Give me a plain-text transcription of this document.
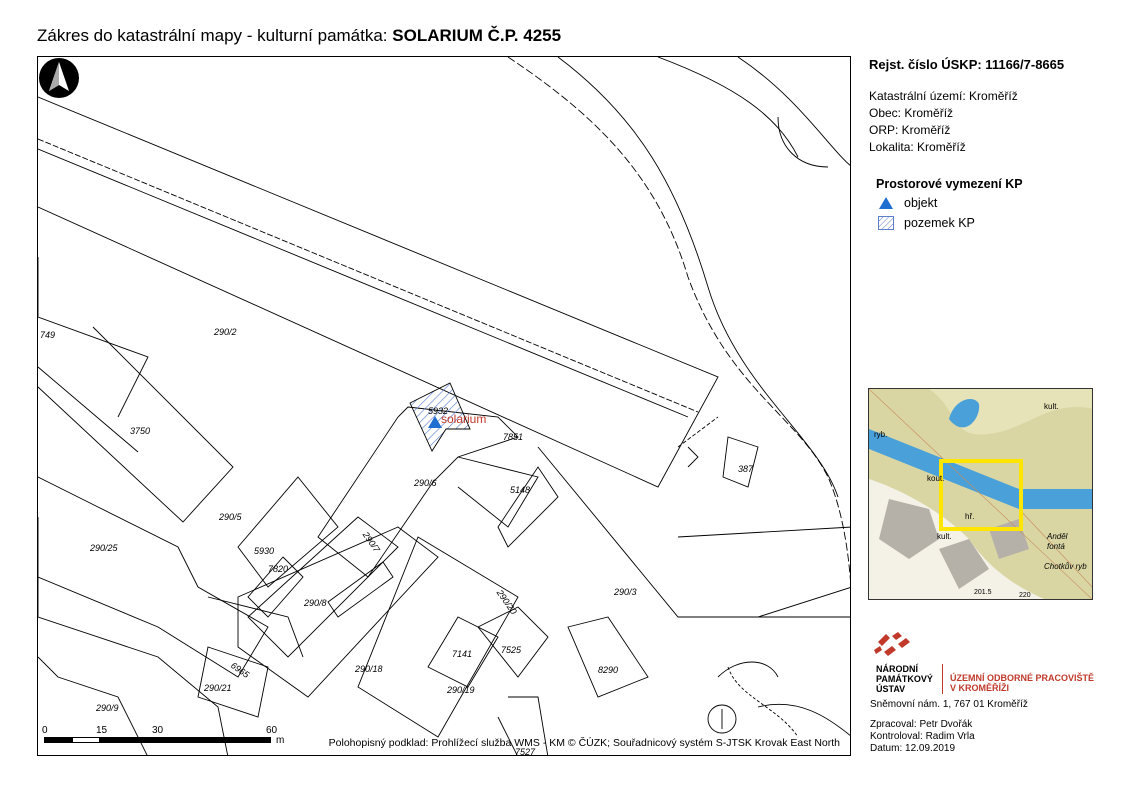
Zákres do katastrální mapy - kulturní památka: SOLARIUM Č.P. 4255
749	290/2
3750
5932
7851
387
290/6
5148
290/5
290/25	5930
7820
290/7
290/8
290/3
290/20
7525
8290
7141
6965	290/18
290/19
290/21
290/9
7527
solarium
0	15	30	60
m	Polohopisný podklad: Prohlížecí služba WMS - KM © ČÚZK; Souřadnicový systém S-JTSK Krovak East North
Rejst. číslo ÚSKP: 11166/7-8665
Katastrální území: Kroměříž
Obec: Kroměříž
ORP: Kroměříž
Lokalita: Kroměříž
Prostorové vymezení KP
objekt
pozemek KP
kult.
ryb.
kout.
hř.
kult.	Anděl
fontá
Chotkův ryb
201.5	220
NÁRODNÍ
PAMÁTKOVÝ
ÚSTAV
ÚZEMNÍ ODBORNÉ PRACOVIŠTĚ
V KROMĚŘÍŽI
Sněmovní nám. 1, 767 01 Kroměříž
Zpracoval: Petr Dvořák
Kontroloval: Radim Vrla
Datum: 12.09.2019
